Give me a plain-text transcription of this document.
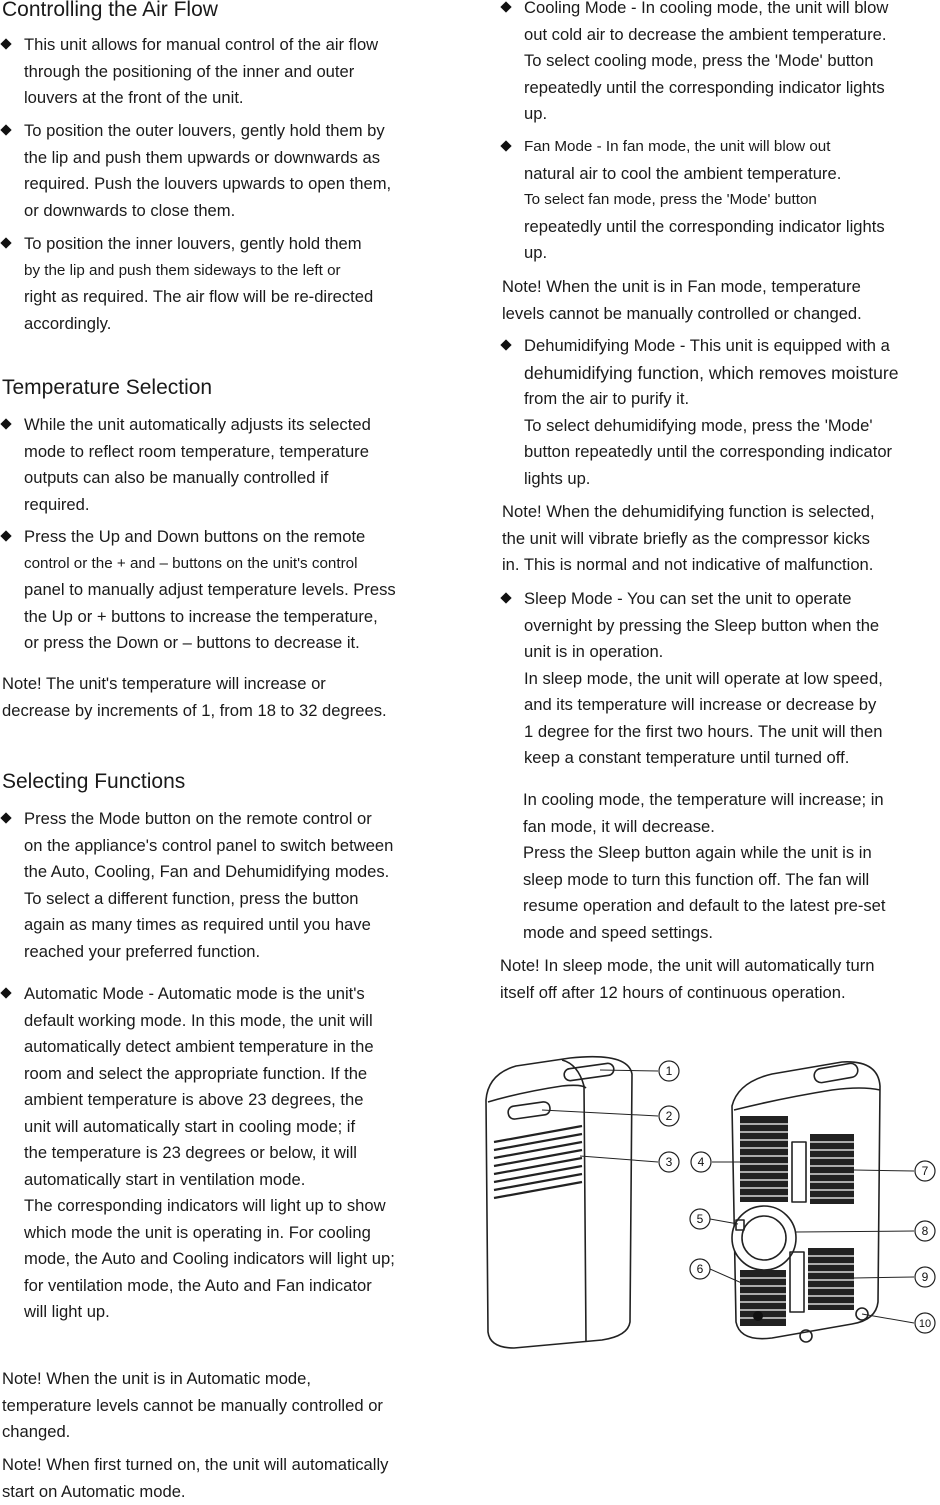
Controlling the Air Flow
This unit allows for manual control of the air flow
through the positioning of the inner and outer
louvers at the front of the unit.
To position the outer louvers, gently hold them by
the lip and push them upwards or downwards as
required. Push the louvers upwards to open them,
or downwards to close them.
To position the inner louvers, gently hold them
by the lip and push them sideways to the left or
right as required. The air flow will be re-directed
accordingly.
Temperature Selection
While the unit automatically adjusts its selected
mode to reflect room temperature, temperature
outputs can also be manually controlled if
required.
Press the Up and Down buttons on the remote
control or the + and – buttons on the unit's control
panel to manually adjust temperature levels. Press
the Up or + buttons to increase the temperature,
or press the Down or – buttons to decrease it.
Note! The unit's temperature will increase or
decrease by increments of 1, from 18 to 32 degrees.
Selecting Functions
Press the Mode button on the remote control or
on the appliance's control panel to switch between
the Auto, Cooling, Fan and Dehumidifying modes.
To select a different function, press the button
again as many times as required until you have
reached your preferred function.
Automatic Mode - Automatic mode is the unit's
default working mode. In this mode, the unit will
automatically detect ambient temperature in the
room and select the appropriate function. If the
ambient temperature is above 23 degrees, the
unit will automatically start in cooling mode; if
the temperature is 23 degrees or below, it will
automatically start in ventilation mode.
The corresponding indicators will light up to show
which mode the unit is operating in. For cooling
mode, the Auto and Cooling indicators will light up;
for ventilation mode, the Auto and Fan indicator
will light up.
Note! When the unit is in Automatic mode,
temperature levels cannot be manually controlled or
changed.
Note! When first turned on, the unit will automatically
start on Automatic mode.
Cooling Mode - In cooling mode, the unit will blow
out cold air to decrease the ambient temperature.
To select cooling mode, press the 'Mode' button
repeatedly until the corresponding indicator lights
up.
Fan Mode - In fan mode, the unit will blow out
natural air to cool the ambient temperature.
To select fan mode, press the 'Mode' button
repeatedly until the corresponding indicator lights
up.
Note! When the unit is in Fan mode, temperature
levels cannot be manually controlled or changed.
Dehumidifying Mode - This unit is equipped with a
dehumidifying function, which removes moisture
from the air to purify it.
To select dehumidifying mode, press the 'Mode'
button repeatedly until the corresponding indicator
lights up.
Note! When the dehumidifying function is selected,
the unit will vibrate briefly as the compressor kicks
in. This is normal and not indicative of malfunction.
Sleep Mode - You can set the unit to operate
overnight by pressing the Sleep button when the
unit is in operation.
In sleep mode, the unit will operate at low speed,
and its temperature will increase or decrease by
1 degree for the first two hours. The unit will then
keep a constant temperature until turned off.
In cooling mode, the temperature will increase; in
fan mode, it will decrease.
Press the Sleep button again while the unit is in
sleep mode to turn this function off. The fan will
resume operation and default to the latest pre-set
mode and speed settings.
Note! In sleep mode, the unit will automatically turn
itself off after 12 hours of continuous operation.
1
2
3 4
5
6
7
8
9
10
